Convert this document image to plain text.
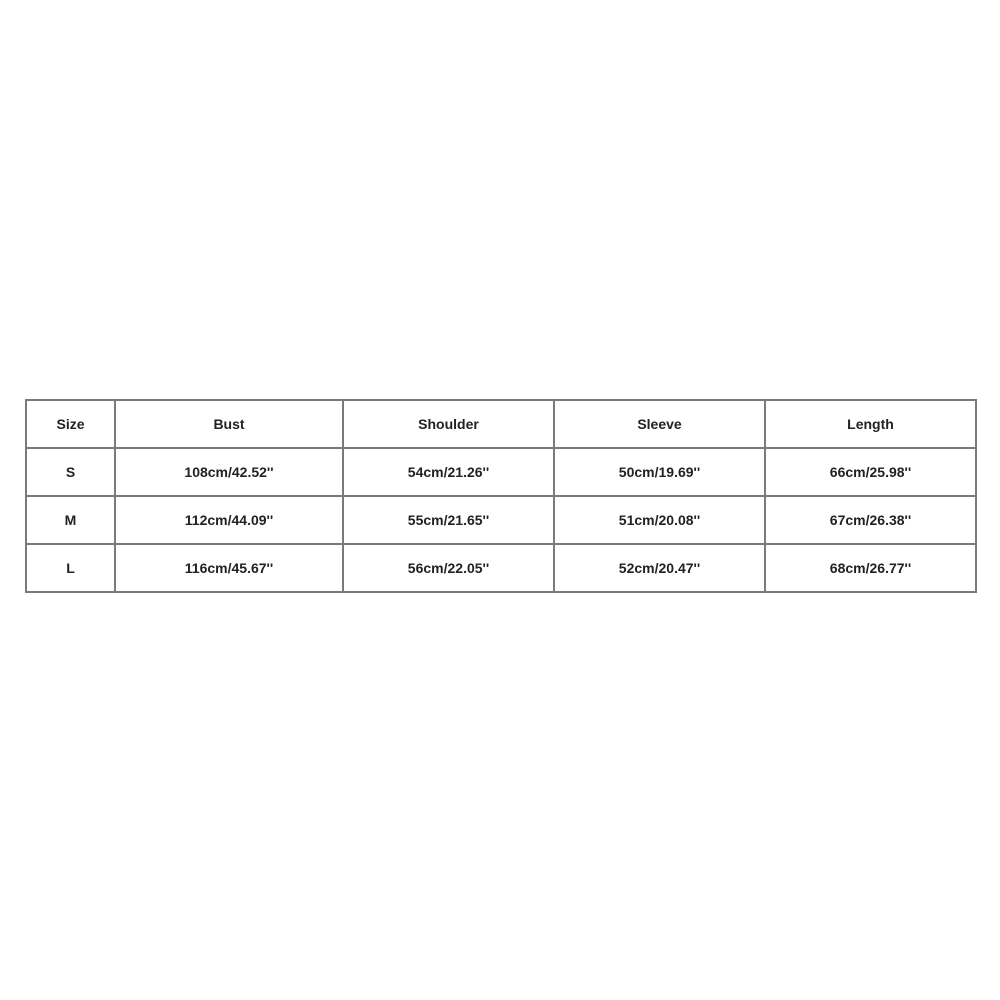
Size	Bust	Shoulder	Sleeve	Length
S	108cm/42.52''	54cm/21.26''	50cm/19.69''	66cm/25.98''
M	112cm/44.09''	55cm/21.65''	51cm/20.08''	67cm/26.38''
L	116cm/45.67''	56cm/22.05''	52cm/20.47''	68cm/26.77''
